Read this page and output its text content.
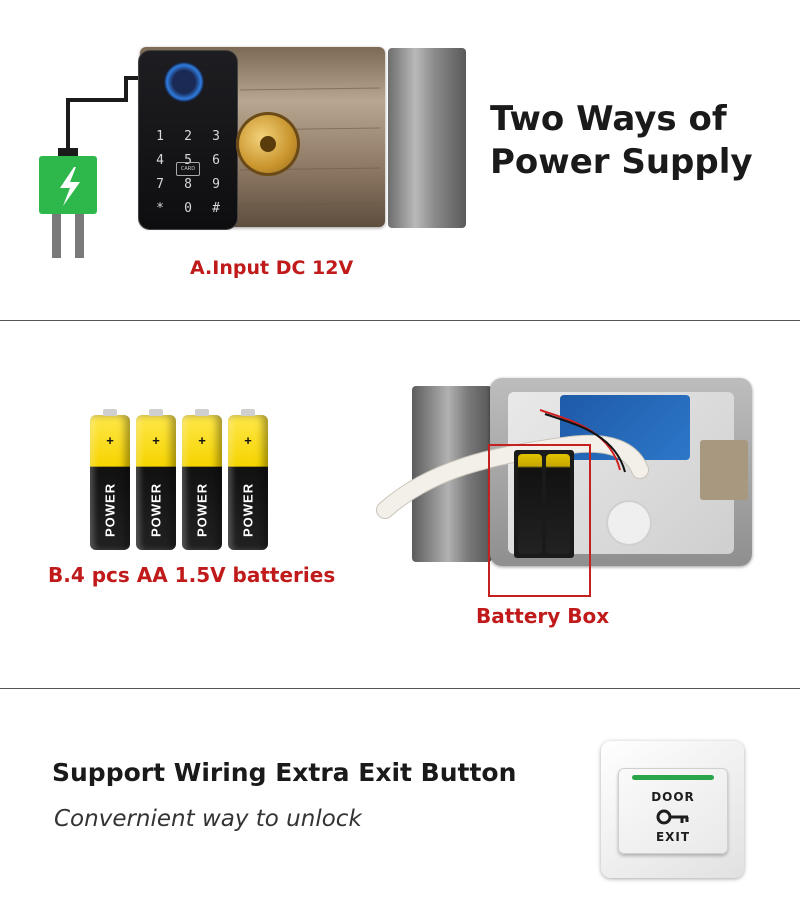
1	2	3
4	5	6
7	8	9
*	0	#
CARD
A.Input DC 12V
Two Ways of
Power Supply
+
POWER
+
POWER
+
POWER
+
POWER
B.4 pcs AA 1.5V batteries
Battery Box
Support Wiring Extra Exit Button
Convernient way to unlock
DOOR
EXIT
